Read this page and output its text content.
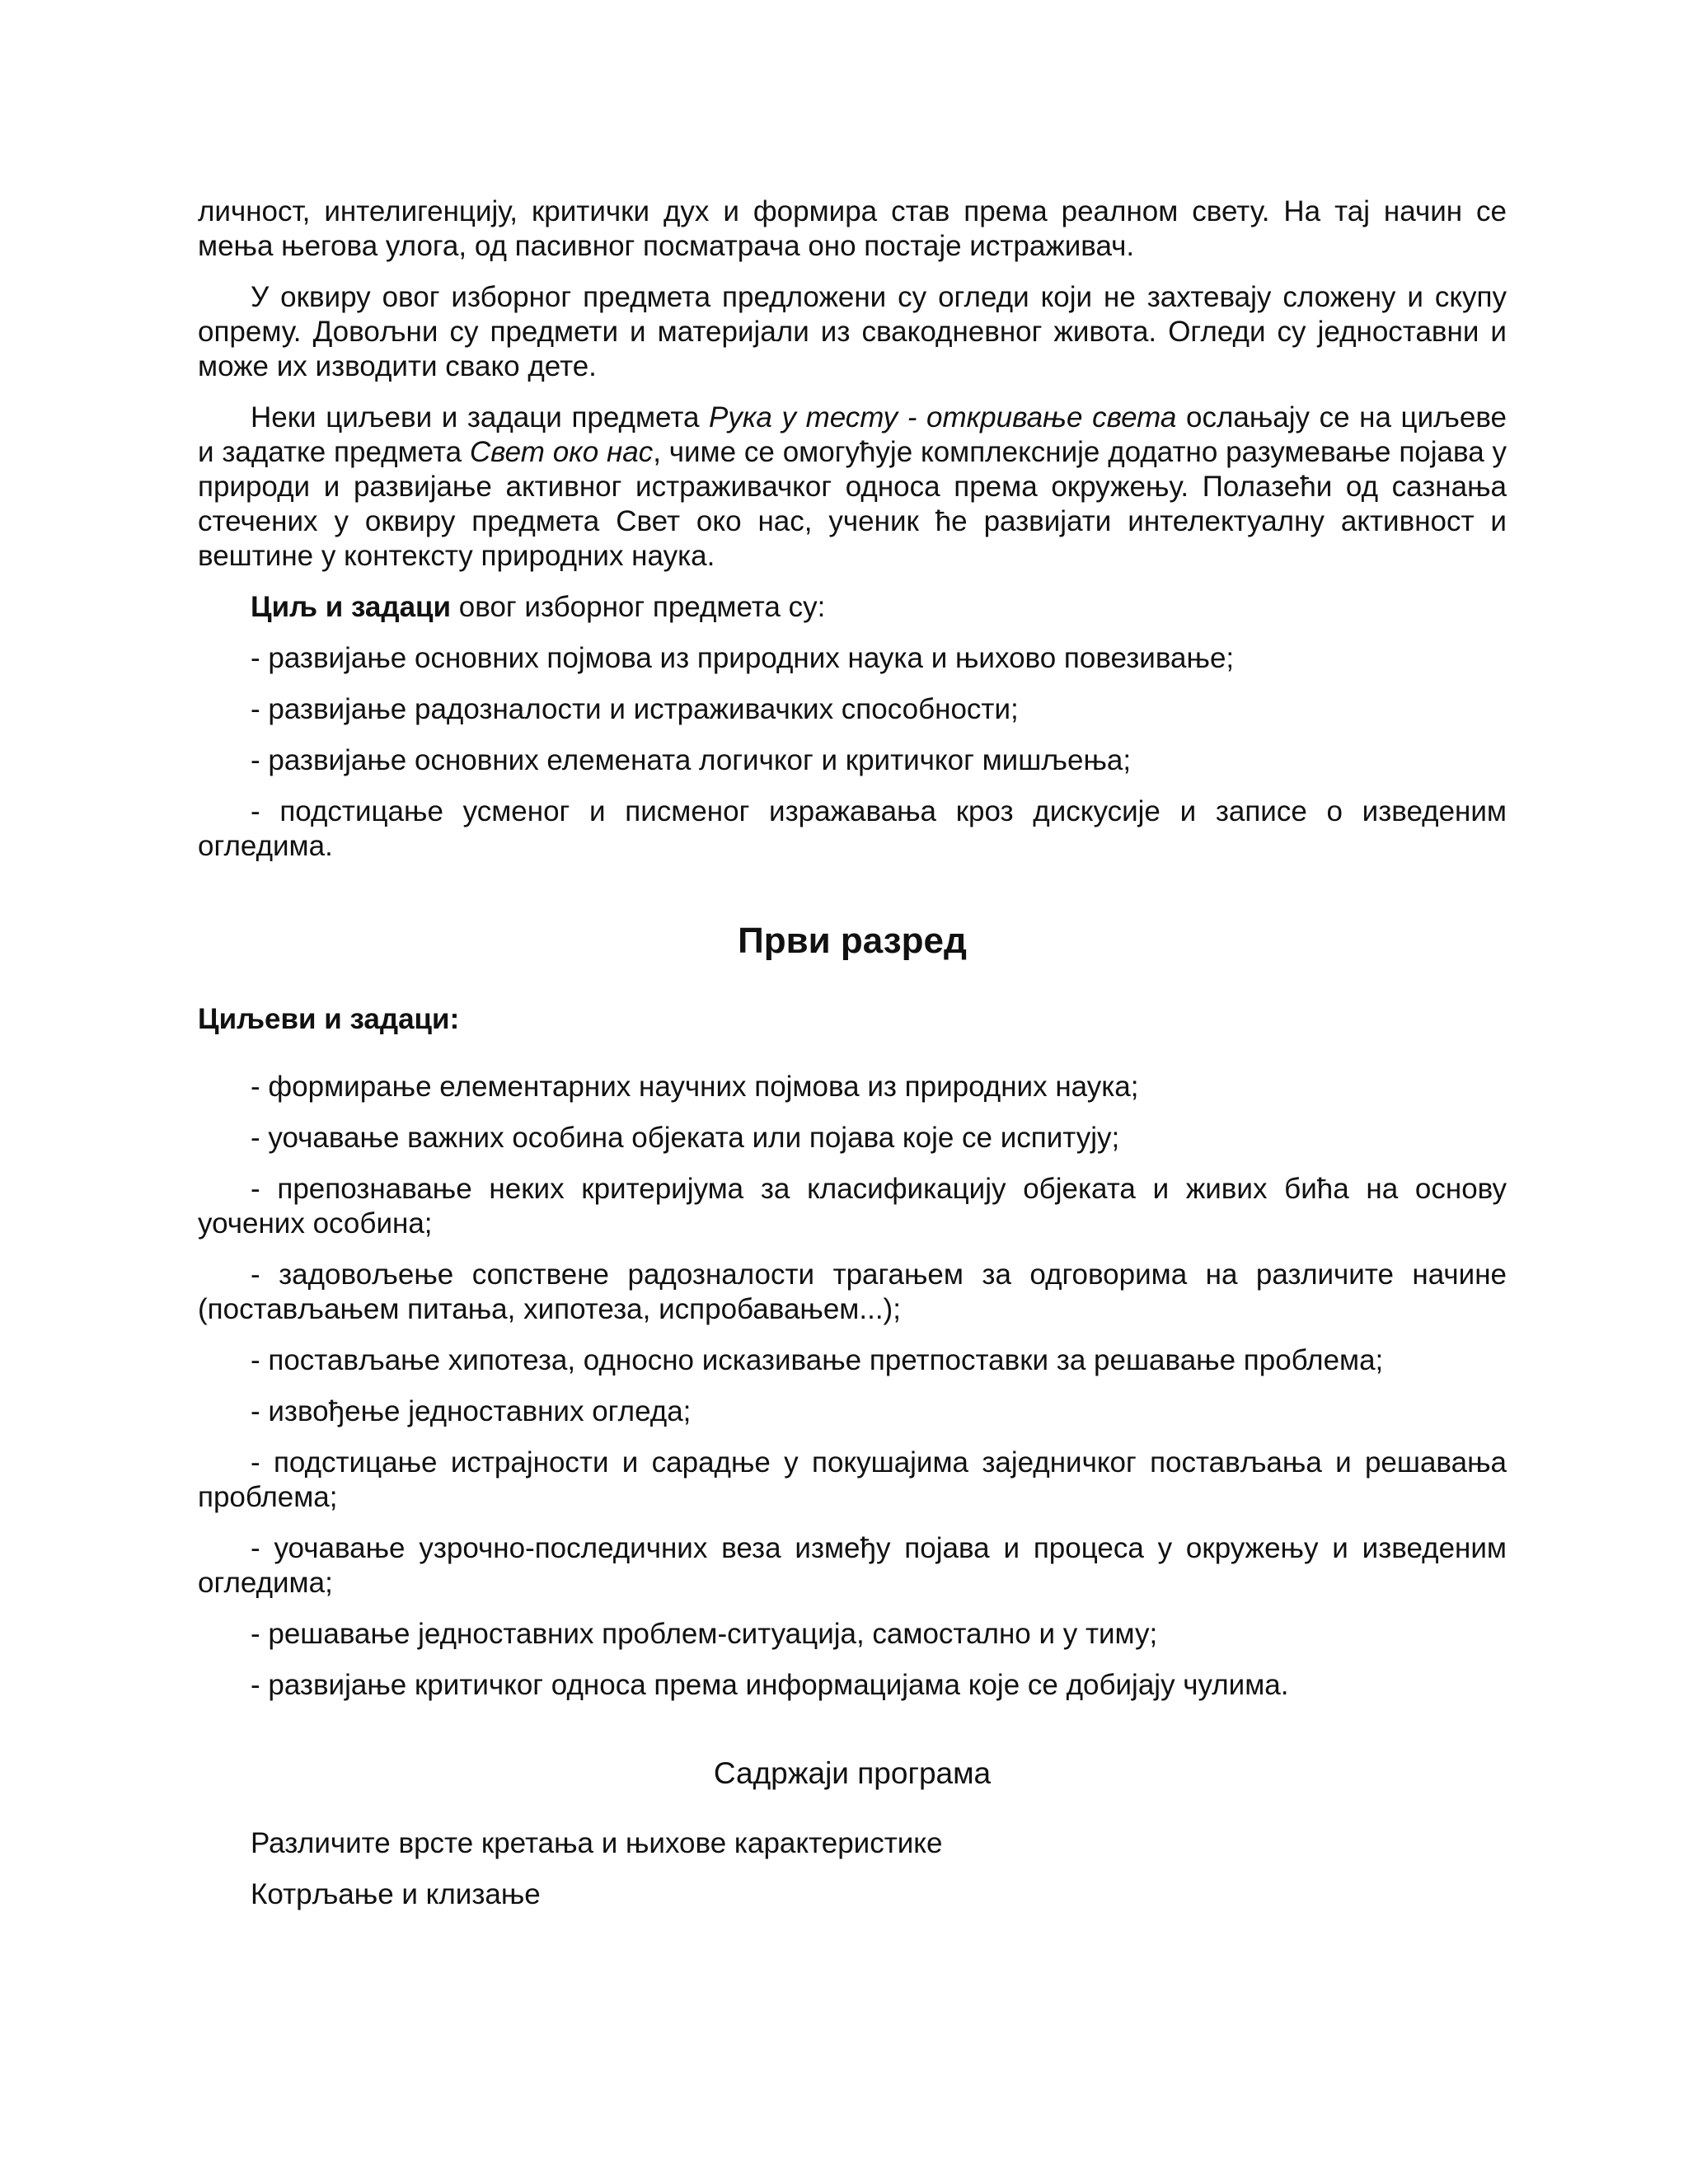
личност, интелигенцију, критички дух и формира став према реалном свету. На тај начин се мења његова улога, од пасивног посматрача оно постаје истраживач.

У оквиру овог изборног предмета предложени су огледи који не захтевају сложену и скупу опрему. Довољни су предмети и материјали из свакодневног живота. Огледи су једноставни и може их изводити свако дете.

Неки циљеви и задаци предмета Рука у тесту - откривање света ослањају се на циљеве и задатке предмета Свет око нас, чиме се омогућује комплексније додатно разумевање појава у природи и развијање активног истраживачког односа према окружењу. Полазећи од сазнања стечених у оквиру предмета Свет око нас, ученик ће развијати интелектуалну активност и вештине у контексту природних наука.

Циљ и задаци овог изборног предмета су:

- развијање основних појмова из природних наука и њихово повезивање;

- развијање радозналости и истраживачких способности;

- развијање основних елемената логичког и критичког мишљења;

- подстицање усменог и писменог изражавања кроз дискусије и записе о изведеним огледима.

Први разред

Циљеви и задаци:

- формирање елементарних научних појмова из природних наука;

- уочавање важних особина објеката или појава које се испитују;

- препознавање неких критеријума за класификацију објеката и живих бића на основу уочених особина;

- задовољење сопствене радозналости трагањем за одговорима на различите начине (постављањем питања, хипотеза, испробавањем...);

- постављање хипотеза, односно исказивање претпоставки за решавање проблема;

- извођење једноставних огледа;

- подстицање истрајности и сарадње у покушајима заједничког постављања и решавања проблема;

- уочавање узрочно-последичних веза између појава и процеса у окружењу и изведеним огледима;

- решавање једноставних проблем-ситуација, самостално и у тиму;

- развијање критичког односа према информацијама које се добијају чулима.

Садржаји програма

Различите врсте кретања и њихове карактеристике

Котрљање и клизање
